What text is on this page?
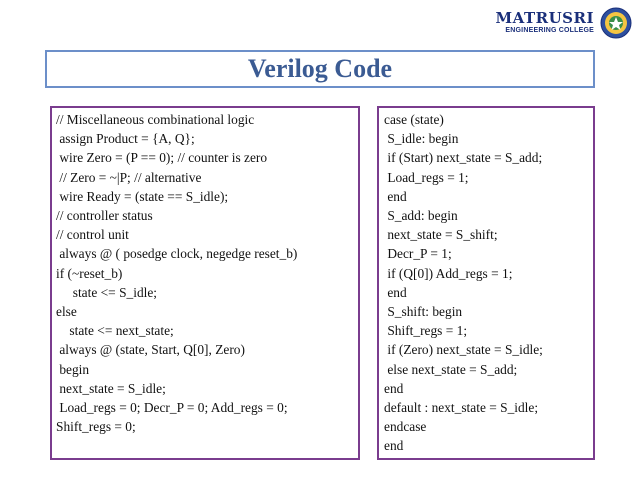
MATRUSRI
ENGINEERING COLLEGE
Verilog Code
// Miscellaneous combinational logic
assign Product = {A, Q};
wire Zero = (P == 0); // counter is zero
// Zero = ~|P; // alternative
wire Ready = (state == S_idle);
// controller status
// control unit
always @ ( posedge clock, negedge reset_b)
if (~reset_b)
state <= S_idle;
else
state <= next_state;
always @ (state, Start, Q[0], Zero)
begin
next_state = S_idle;
Load_regs = 0; Decr_P = 0; Add_regs = 0;
Shift_regs = 0;
case (state)
S_idle: begin
if (Start) next_state = S_add;
Load_regs = 1;
end
S_add: begin
next_state = S_shift;
Decr_P = 1;
if (Q[0]) Add_regs = 1;
end
S_shift: begin
Shift_regs = 1;
if (Zero) next_state = S_idle;
else next_state = S_add;
end
default : next_state = S_idle;
endcase
end
